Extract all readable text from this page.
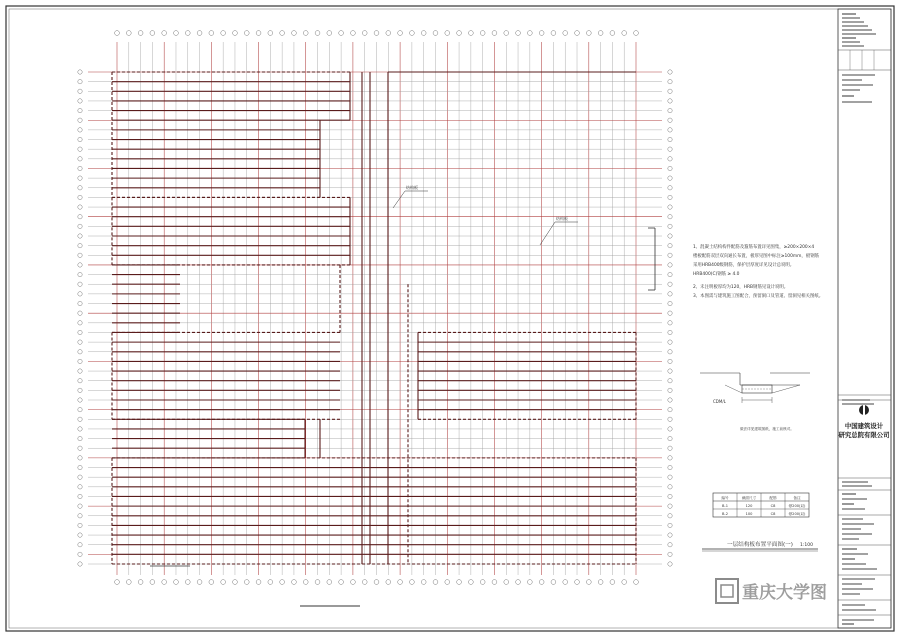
中国建筑设计
研究总院有限公司
结构板
结构板
1、混凝土结构构件配筋及箍筋布置详见图集，≥200×200×4
楼板配筋双层双向通长布置，板厚见图中标注≥100mm，板钢筋
采用HRB400级钢筋，保护层厚度详见设计总说明。
HRB400(C)钢筋 ≥ 4.0
2、未注明板厚均为120，HRB钢筋见设计说明。
3、本图需与建筑施工图配合，预留洞口及管道、留洞见相关图纸。
CDM/L
做法详见建筑图纸，施工前核对。
编号	截面尺寸	配筋	备注
B-1	120	C8	@200(双)
B-2	100	C8	@200(双)
一层结构板布置平面图(一) 1:100
重庆大学图
